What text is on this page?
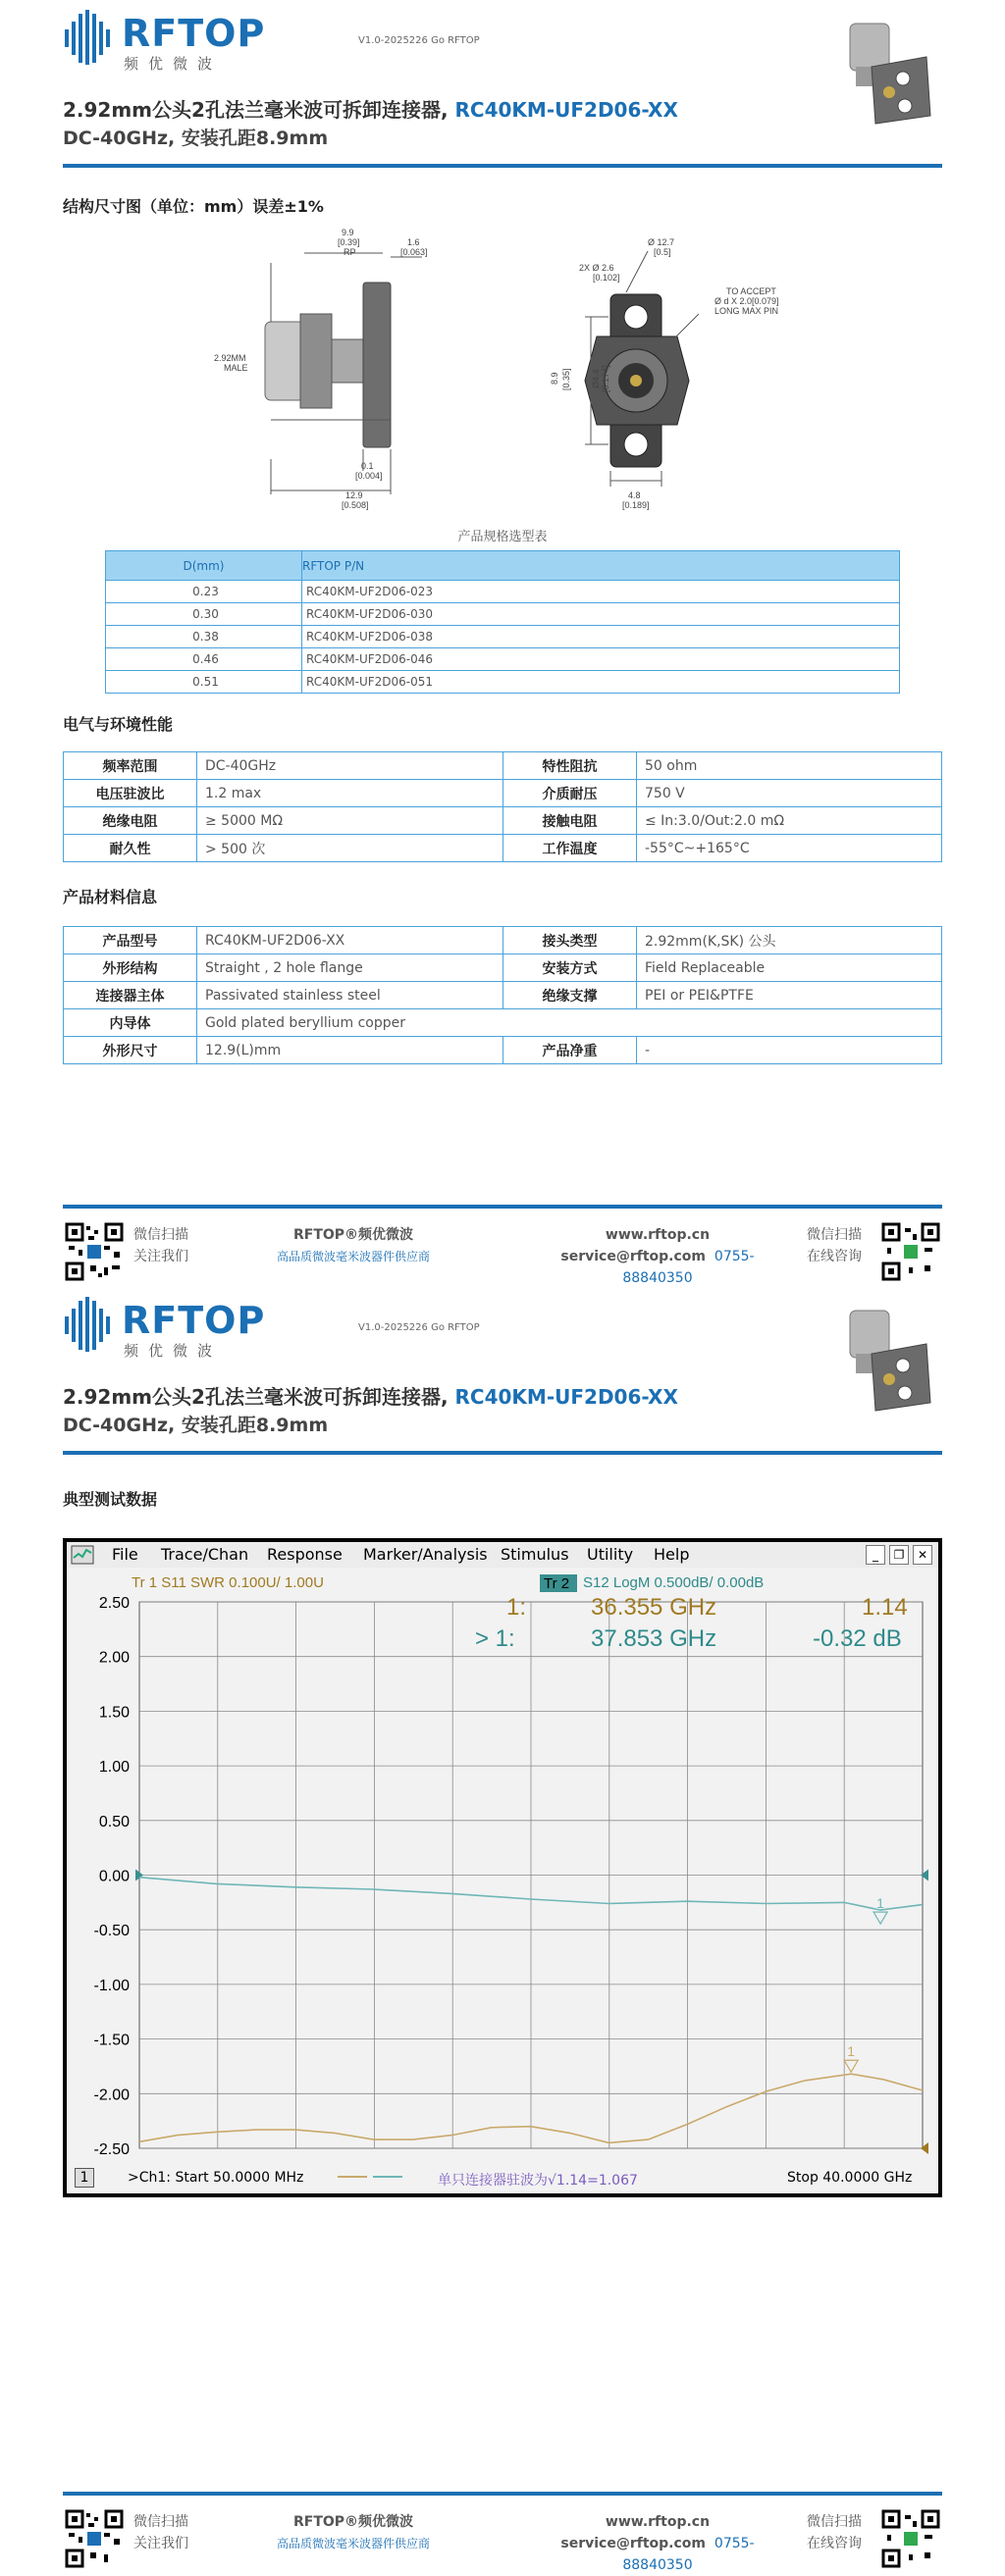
RFTOP
频优微波
V1.0-2025226 Go RFTOP
2.92mm公头2孔法兰毫米波可拆卸连接器, RC40KM-UF2D06-XX
DC-40GHz, 安装孔距8.9mm
结构尺寸图（单位：mm）误差±1%
9.9
[0.39]
RP
1.6
[0.063]
2.92MM
MALE
0.1
[0.004]
12.9
[0.508]
2X Ø 2.6
[0.102]
Ø 12.7
[0.5]
TO ACCEPT
Ø d X 2.0[0.079]
LONG MAX PIN
8.9 [0.35] Ø4.4 [0.174]
4.8
[0.189]
产品规格选型表
D(mm)	RFTOP P/N
0.23	RC40KM-UF2D06-023
0.30	RC40KM-UF2D06-030
0.38	RC40KM-UF2D06-038
0.46	RC40KM-UF2D06-046
0.51	RC40KM-UF2D06-051
电气与环境性能
频率范围	DC-40GHz	特性阻抗	50 ohm
电压驻波比	1.2 max	介质耐压	750 V
绝缘电阻	≥ 5000 MΩ	接触电阻	≤ In:3.0/Out:2.0 mΩ
耐久性	> 500 次	工作温度	-55°C~+165°C
产品材料信息
产品型号	RC40KM-UF2D06-XX	接头类型	2.92mm(K,SK) 公头
外形结构	Straight , 2 hole flange	安装方式	Field Replaceable
连接器主体	Passivated stainless steel	绝缘支撑	PEI or PEI&PTFE
内导体	Gold plated beryllium copper		
外形尺寸	12.9(L)mm	产品净重	-
微信扫描
关注我们
RFTOP®频优微波
高品质微波毫米波器件供应商
www.rftop.cn
service@rftop.com 0755-88840350
微信扫描
在线咨询
RFTOP
频优微波
V1.0-2025226 Go RFTOP
2.92mm公头2孔法兰毫米波可拆卸连接器, RC40KM-UF2D06-XX
DC-40GHz, 安装孔距8.9mm
典型测试数据
微信扫描
关注我们
RFTOP®频优微波
高品质微波毫米波器件供应商
www.rftop.cn
service@rftop.com 0755-88840350
微信扫描
在线咨询
File Trace/Chan Response Marker/Analysis Stimulus Utility Help	_	❐	✕
2.50
2.00
1.50
1.00
0.50
0.00
-0.50
-1.00
-1.50
-2.00
-2.50
Tr 1 S11 SWR 0.100U/ 1.00U	Tr 2 S12 LogM 0.500dB/ 0.00dB
1:	36.355 GHz	1.14
> 1:	37.853 GHz	-0.32 dB
1
1
1	>Ch1: Start 50.0000 MHz	单只连接器驻波为√1.14=1.067	Stop 40.0000 GHz
